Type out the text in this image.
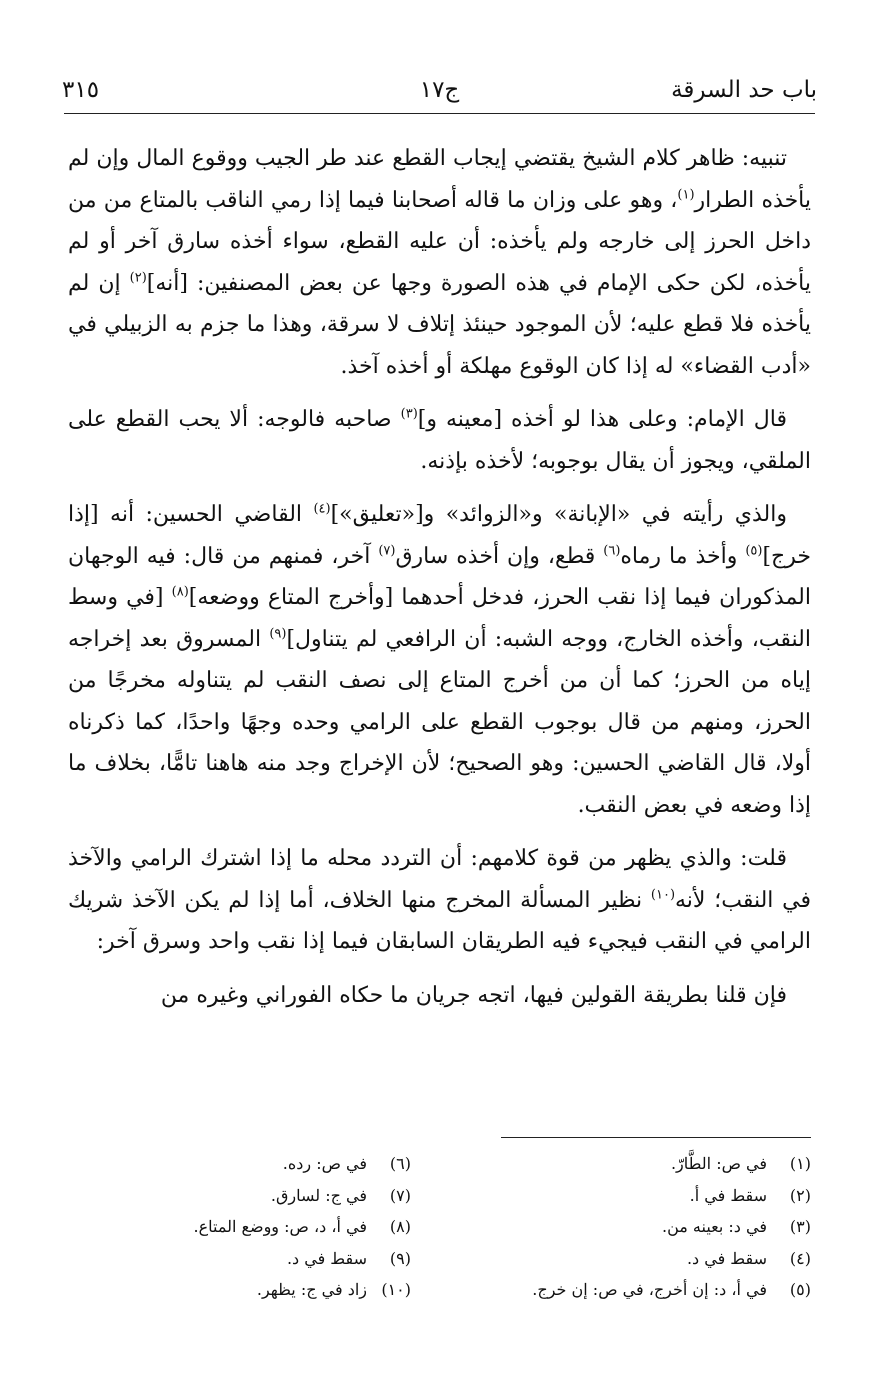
باب حد السرقة
ج١٧
٣١٥

تنبيه: ظاهر كلام الشيخ يقتضي إيجاب القطع عند طر الجيب ووقوع المال وإن لم يأخذه الطرار$^{(١)}$، وهو على وزان ما قاله أصحابنا فيما إذا رمي الناقب بالمتاع من من داخل الحرز إلى خارجه ولم يأخذه: أن عليه القطع، سواء أخذه سارق آخر أو لم يأخذه، لكن حكى الإمام في هذه الصورة وجها عن بعض المصنفين: [أنه]$^{(٢)}$ إن لم يأخذه فلا قطع عليه؛ لأن الموجود حينئذ إتلاف لا سرقة، وهذا ما جزم به الزبيلي في «أدب القضاء» له إذا كان الوقوع مهلكة أو أخذه آخذ.

قال الإمام: وعلى هذا لو أخذه [معينه و]$^{(٣)}$ صاحبه فالوجه: ألا يحب القطع على الملقي، ويجوز أن يقال بوجوبه؛ لأخذه بإذنه.

والذي رأيته في «الإبانة» و«الزوائد» و[«تعليق»]$^{(٤)}$ القاضي الحسين: أنه [إذا خرج]$^{(٥)}$ وأخذ ما رماه$^{(٦)}$ قطع، وإن أخذه سارق$^{(٧)}$ آخر، فمنهم من قال: فيه الوجهان المذكوران فيما إذا نقب الحرز، فدخل أحدهما [وأخرج المتاع ووضعه]$^{(٨)}$ [في وسط النقب، وأخذه الخارج، ووجه الشبه: أن الرافعي لم يتناول]$^{(٩)}$ المسروق بعد إخراجه إياه من الحرز؛ كما أن من أخرج المتاع إلى نصف النقب لم يتناوله مخرجًا من الحرز، ومنهم من قال بوجوب القطع على الرامي وحده وجهًا واحدًا، كما ذكرناه أولا، قال القاضي الحسين: وهو الصحيح؛ لأن الإخراج وجد منه هاهنا تامًّا، بخلاف ما إذا وضعه في بعض النقب.

قلت: والذي يظهر من قوة كلامهم: أن التردد محله ما إذا اشترك الرامي والآخذ في النقب؛ لأنه$^{(١٠)}$ نظير المسألة المخرج منها الخلاف، أما إذا لم يكن الآخذ شريك الرامي في النقب فيجيء فيه الطريقان السابقان فيما إذا نقب واحد وسرق آخر:

فإن قلنا بطريقة القولين فيها، اتجه جريان ما حكاه الفوراني وغيره من

(١)في ص: الطَّارّ.
(٢)سقط في أ.
(٣)في د: بعينه من.
(٤)سقط في د.
(٥)في أ، د: إن أخرج، في ص: إن خرج.
(٦)في ص: رده.
(٧)في ج: لسارق.
(٨)في أ، د، ص: ووضع المتاع.
(٩)سقط في د.
(١٠)زاد في ج: يظهر.
